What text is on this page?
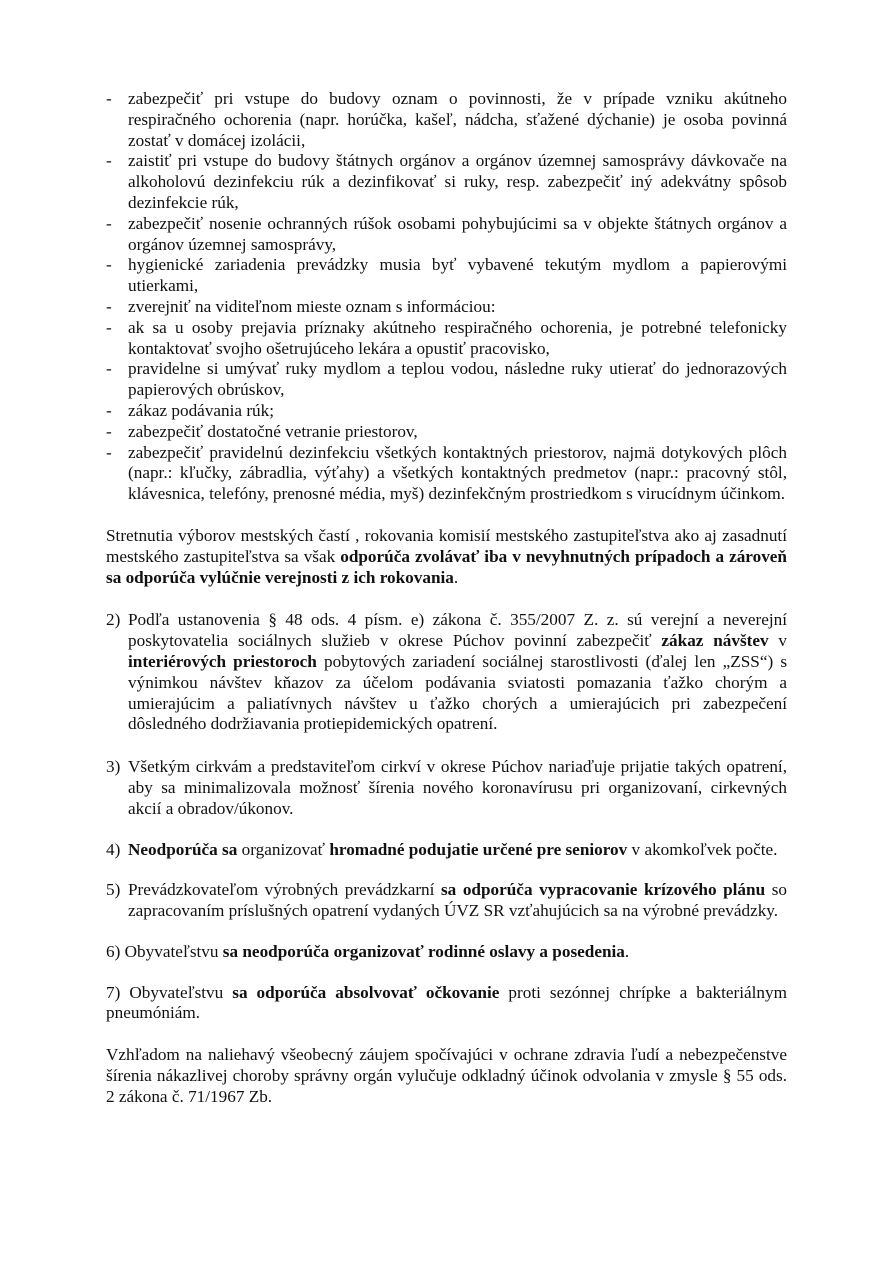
- zabezpečiť pri vstupe do budovy oznam o povinnosti, že v prípade vzniku akútneho respiračného ochorenia (napr. horúčka, kašeľ, nádcha, sťažené dýchanie) je osoba povinná zostať v domácej izolácii,
- zaistiť pri vstupe do budovy štátnych orgánov a orgánov územnej samosprávy dávkovače na alkoholovú dezinfekciu rúk a dezinfikovať si ruky, resp. zabezpečiť iný adekvátny spôsob dezinfekcie rúk,
- zabezpečiť nosenie ochranných rúšok osobami pohybujúcimi sa v objekte štátnych orgánov a orgánov územnej samosprávy,
- hygienické zariadenia prevádzky musia byť vybavené tekutým mydlom a papierovými utierkami,
- zverejniť na viditeľnom mieste oznam s informáciou:
- ak sa u osoby prejavia príznaky akútneho respiračného ochorenia, je potrebné telefonicky kontaktovať svojho ošetrujúceho lekára a opustiť pracovisko,
- pravidelne si umývať ruky mydlom a teplou vodou, následne ruky utierať do jednorazových papierových obrúskov,
- zákaz podávania rúk;
- zabezpečiť dostatočné vetranie priestorov,
- zabezpečiť pravidelnú dezinfekciu všetkých kontaktných priestorov, najmä dotykových plôch (napr.: kľučky, zábradlia, výťahy) a všetkých kontaktných predmetov (napr.: pracovný stôl, klávesnica, telefóny, prenosné média, myš) dezinfekčným prostriedkom s virucídnym účinkom.

Stretnutia výborov mestských častí , rokovania komisií mestského zastupiteľstva ako aj zasadnutí mestského zastupiteľstva sa však odporúča zvolávať iba v nevyhnutných prípadoch a zároveň sa odporúča vylúčnie verejnosti z ich rokovania.

2) Podľa ustanovenia § 48 ods. 4 písm. e) zákona č. 355/2007 Z. z. sú verejní a neverejní poskytovatelia sociálnych služieb v okrese Púchov povinní zabezpečiť zákaz návštev v interiérových priestoroch pobytových zariadení sociálnej starostlivosti (ďalej len „ZSS“) s výnimkou návštev kňazov za účelom podávania sviatosti pomazania ťažko chorým a umierajúcim a paliatívnych návštev u ťažko chorých a umierajúcich pri zabezpečení dôsledného dodržiavania protiepidemických opatrení.

3) Všetkým cirkvám a predstaviteľom cirkví v okrese Púchov nariaďuje prijatie takých opatrení, aby sa minimalizovala možnosť šírenia nového koronavírusu pri organizovaní, cirkevných akcií a obradov/úkonov.

4) Neodporúča sa organizovať hromadné podujatie určené pre seniorov v akomkoľvek počte.

5) Prevádzkovateľom výrobných prevádzkarní sa odporúča vypracovanie krízového plánu so zapracovaním príslušných opatrení vydaných ÚVZ SR vzťahujúcich sa na výrobné prevádzky.

6) Obyvateľstvu sa neodporúča organizovať rodinné oslavy a posedenia.

7) Obyvateľstvu sa odporúča absolvovať očkovanie proti sezónnej chrípke a bakteriálnym pneumóniám.

Vzhľadom na naliehavý všeobecný záujem spočívajúci v ochrane zdravia ľudí a nebezpečenstve šírenia nákazlivej choroby správny orgán vylučuje odkladný účinok odvolania v zmysle § 55 ods. 2 zákona č. 71/1967 Zb.
